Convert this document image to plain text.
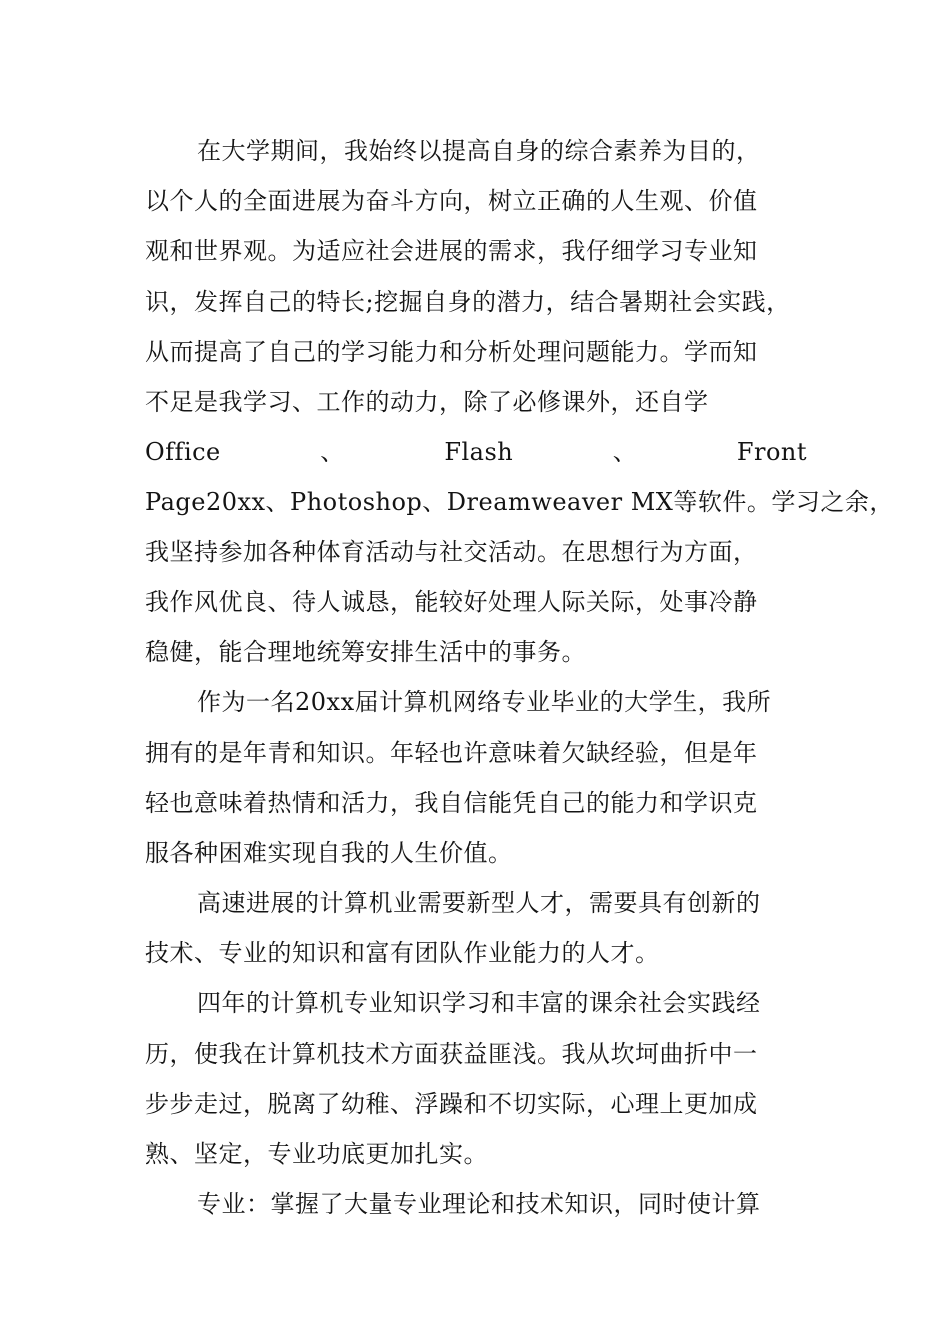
在大学期间，我始终以提高自身的综合素养为目的，
以个人的全面进展为奋斗方向，树立正确的人生观、价值
观和世界观。为适应社会进展的需求，我仔细学习专业知
识，发挥自己的特长;挖掘自身的潜力，结合暑期社会实践，
从而提高了自己的学习能力和分析处理问题能力。学而知
不足是我学习、工作的动力，除了必修课外，还自学
Office	、	Flash	、	Front
Page20xx、Photoshop、Dreamweaver MX等软件。学习之余，
我坚持参加各种体育活动与社交活动。在思想行为方面，
我作风优良、待人诚恳，能较好处理人际关际，处事冷静
稳健，能合理地统筹安排生活中的事务。
作为一名20xx届计算机网络专业毕业的大学生，我所
拥有的是年青和知识。年轻也许意味着欠缺经验，但是年
轻也意味着热情和活力，我自信能凭自己的能力和学识克
服各种困难实现自我的人生价值。
高速进展的计算机业需要新型人才，需要具有创新的
技术、专业的知识和富有团队作业能力的人才。
四年的计算机专业知识学习和丰富的课余社会实践经
历，使我在计算机技术方面获益匪浅。我从坎坷曲折中一
步步走过，脱离了幼稚、浮躁和不切实际，心理上更加成
熟、坚定，专业功底更加扎实。
专业：掌握了大量专业理论和技术知识，同时使计算
